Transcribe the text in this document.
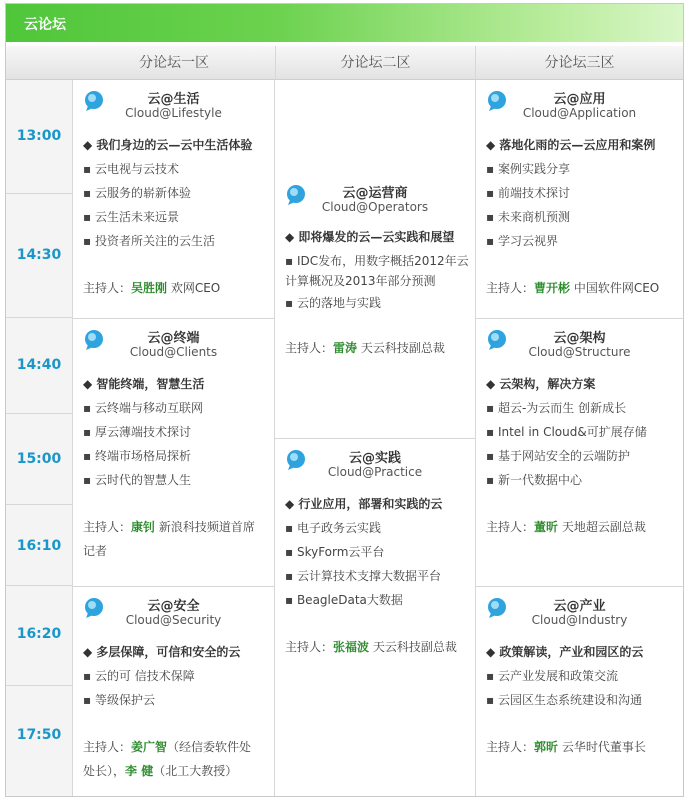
云论坛
分论坛一区	分论坛二区	分论坛三区
13:00
14:30
14:40
15:00
16:10
16:20
17:50
云@生活
Cloud@Lifestyle
◆ 我们身边的云—云中生活体验
▪ 云电视与云技术
▪ 云服务的崭新体验
▪ 云生活未来远景
▪ 投资者所关注的云生活
主持人：吴胜刚 欢网CEO
云@运营商
Cloud@Operators
◆ 即将爆发的云—云实践和展望
▪ IDC发布，用数字概括2012年云
计算概况及2013年部分预测
▪ 云的落地与实践
主持人：雷涛 天云科技副总裁
云@应用
Cloud@Application
◆ 落地化雨的云—云应用和案例
▪ 案例实践分享
▪ 前端技术探讨
▪ 未来商机预测
▪ 学习云视界
主持人：曹开彬 中国软件网CEO
云@终端
Cloud@Clients
◆ 智能终端，智慧生活
▪ 云终端与移动互联网
▪ 厚云薄端技术探讨
▪ 终端市场格局探析
▪ 云时代的智慧人生
主持人：康钊 新浪科技频道首席
记者
云@架构
Cloud@Structure
◆ 云架构，解决方案
▪ 超云-为云而生 创新成长
▪ Intel in Cloud&可扩展存储
▪ 基于网站安全的云端防护
▪ 新一代数据中心
主持人：董昕 天地超云副总裁
云@实践
Cloud@Practice
◆ 行业应用，部署和实践的云
▪ 电子政务云实践
▪ SkyForm云平台
▪ 云计算技术支撑大数据平台
▪ BeagleData大数据
主持人：张福波 天云科技副总裁
云@安全
Cloud@Security
◆ 多层保障，可信和安全的云
▪ 云的可 信技术保障
▪ 等级保护云
主持人：姜广智（经信委软件处
处长），李 健（北工大教授）
云@产业
Cloud@Industry
◆ 政策解读，产业和园区的云
▪ 云产业发展和政策交流
▪ 云园区生态系统建设和沟通
主持人：郭昕 云华时代董事长
